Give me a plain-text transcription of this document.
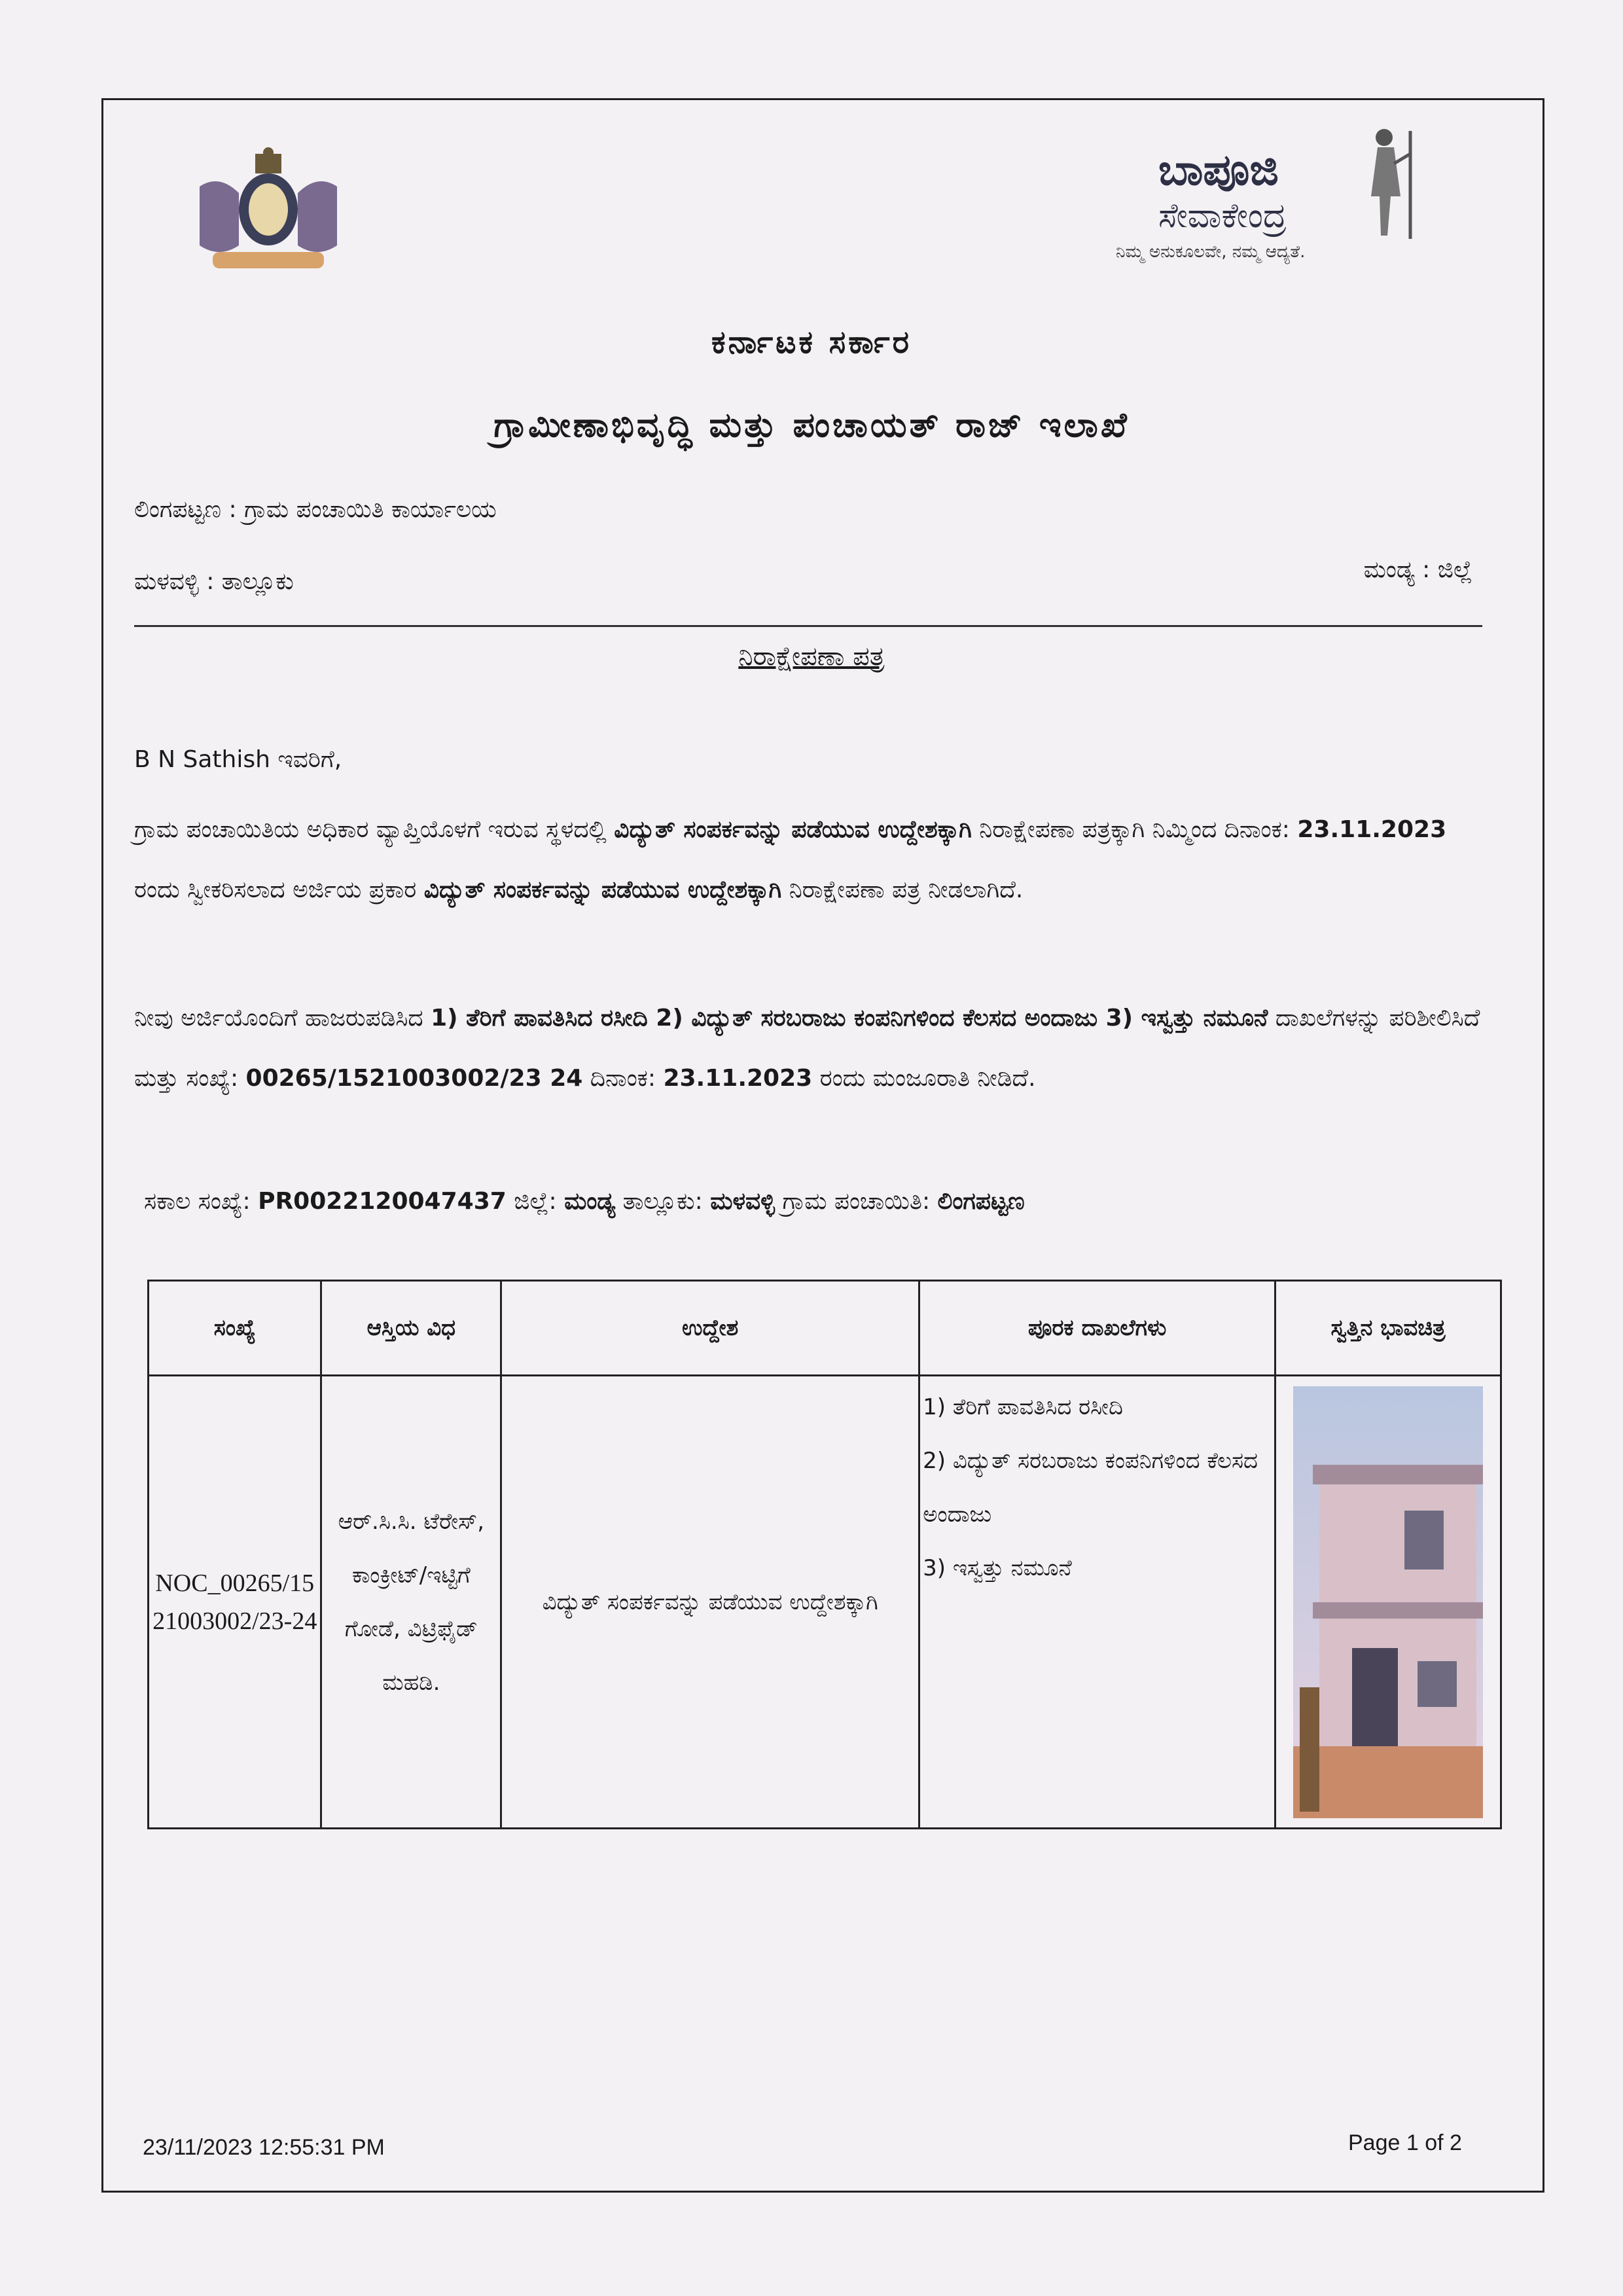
ಬಾಪೂಜಿ
ಸೇವಾಕೇಂದ್ರ
ನಿಮ್ಮ ಅನುಕೂಲವೇ, ನಮ್ಮ ಆದ್ಯತೆ.
ಕರ್ನಾಟಕ ಸರ್ಕಾರ
ಗ್ರಾಮೀಣಾಭಿವೃದ್ಧಿ ಮತ್ತು ಪಂಚಾಯತ್ ರಾಜ್ ಇಲಾಖೆ
ಲಿಂಗಪಟ್ಟಣ : ಗ್ರಾಮ ಪಂಚಾಯಿತಿ ಕಾರ್ಯಾಲಯ
ಮಳವಳ್ಳಿ : ತಾಲ್ಲೂಕು	ಮಂಡ್ಯ : ಜಿಲ್ಲೆ
ನಿರಾಕ್ಷೇಪಣಾ ಪತ್ರ
B N Sathish ಇವರಿಗೆ,
ಗ್ರಾಮ ಪಂಚಾಯಿತಿಯ ಅಧಿಕಾರ ವ್ಯಾಪ್ತಿಯೊಳಗೆ ಇರುವ ಸ್ಥಳದಲ್ಲಿ ವಿದ್ಯುತ್ ಸಂಪರ್ಕವನ್ನು ಪಡೆಯುವ ಉದ್ದೇಶಕ್ಕಾಗಿ ನಿರಾಕ್ಷೇಪಣಾ ಪತ್ರಕ್ಕಾಗಿ ನಿಮ್ಮಿಂದ ದಿನಾಂಕ: 23.11.2023 ರಂದು ಸ್ವೀಕರಿಸಲಾದ ಅರ್ಜಿಯ ಪ್ರಕಾರ ವಿದ್ಯುತ್ ಸಂಪರ್ಕವನ್ನು ಪಡೆಯುವ ಉದ್ದೇಶಕ್ಕಾಗಿ ನಿರಾಕ್ಷೇಪಣಾ ಪತ್ರ ನೀಡಲಾಗಿದೆ.
ನೀವು ಅರ್ಜಿಯೊಂದಿಗೆ ಹಾಜರುಪಡಿಸಿದ 1) ತೆರಿಗೆ ಪಾವತಿಸಿದ ರಸೀದಿ 2) ವಿದ್ಯುತ್ ಸರಬರಾಜು ಕಂಪನಿಗಳಿಂದ ಕೆಲಸದ ಅಂದಾಜು 3) ಇಸ್ವತ್ತು ನಮೂನೆ ದಾಖಲೆಗಳನ್ನು ಪರಿಶೀಲಿಸಿದೆ ಮತ್ತು ಸಂಖ್ಯೆ: 00265/1521003002/23 24 ದಿನಾಂಕ: 23.11.2023 ರಂದು ಮಂಜೂರಾತಿ ನೀಡಿದೆ.
ಸಕಾಲ ಸಂಖ್ಯೆ: PR0022120047437 ಜಿಲ್ಲೆ: ಮಂಡ್ಯ ತಾಲ್ಲೂಕು: ಮಳವಳ್ಳಿ ಗ್ರಾಮ ಪಂಚಾಯಿತಿ: ಲಿಂಗಪಟ್ಟಣ
ಸಂಖ್ಯೆ	ಆಸ್ತಿಯ ವಿಧ	ಉದ್ದೇಶ	ಪೂರಕ ದಾಖಲೆಗಳು	ಸ್ವತ್ತಿನ ಭಾವಚಿತ್ರ
NOC_00265/1521003002/23-24	ಆರ್.ಸಿ.ಸಿ. ಟೆರೇಸ್, ಕಾಂಕ್ರೀಟ್/ಇಟ್ಟಿಗೆ ಗೋಡೆ, ವಿಟ್ರಿಫೈಡ್ ಮಹಡಿ.	ವಿದ್ಯುತ್ ಸಂಪರ್ಕವನ್ನು ಪಡೆಯುವ ಉದ್ದೇಶಕ್ಕಾಗಿ	1) ತೆರಿಗೆ ಪಾವತಿಸಿದ ರಸೀದಿ
2) ವಿದ್ಯುತ್ ಸರಬರಾಜು ಕಂಪನಿಗಳಿಂದ ಕೆಲಸದ ಅಂದಾಜು
3) ಇಸ್ವತ್ತು ನಮೂನೆ

23/11/2023 12:55:31 PM	Page 1 of 2
